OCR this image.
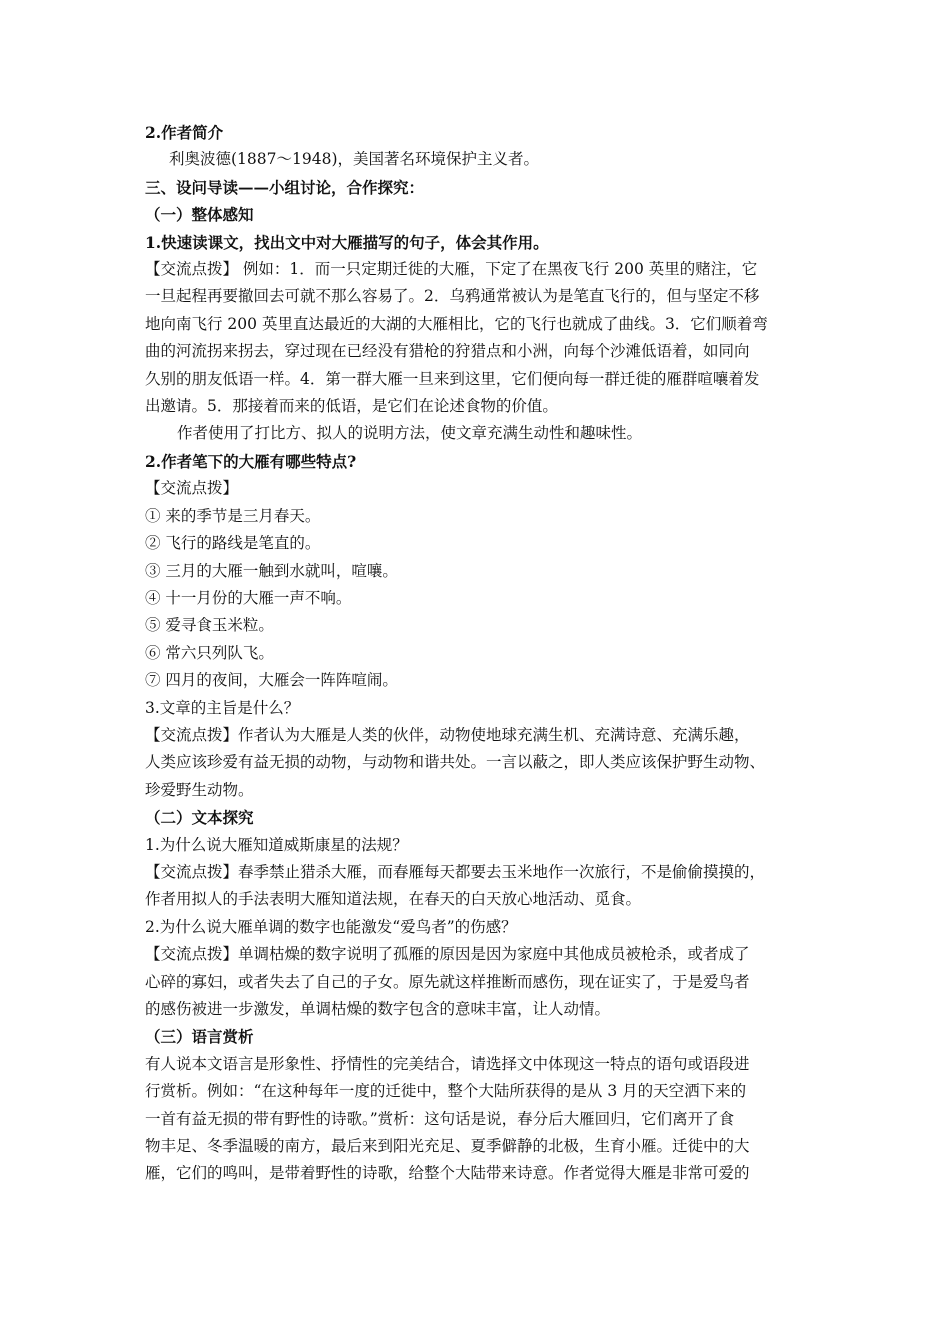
2.作者简介
利奥波德(1887～1948)，美国著名环境保护主义者。
三、设问导读——小组讨论，合作探究：
（一）整体感知
1.快速读课文，找出文中对大雁描写的句子，体会其作用。
【交流点拨】 例如：1．而一只定期迁徙的大雁，下定了在黑夜飞行 200 英里的赌注，它
一旦起程再要撤回去可就不那么容易了。2．乌鸦通常被认为是笔直飞行的，但与坚定不移
地向南飞行 200 英里直达最近的大湖的大雁相比，它的飞行也就成了曲线。3．它们顺着弯
曲的河流拐来拐去，穿过现在已经没有猎枪的狩猎点和小洲，向每个沙滩低语着，如同向
久别的朋友低语一样。4．第一群大雁一旦来到这里，它们便向每一群迁徙的雁群喧嚷着发
出邀请。5．那接着而来的低语，是它们在论述食物的价值。
作者使用了打比方、拟人的说明方法，使文章充满生动性和趣味性。
2.作者笔下的大雁有哪些特点?
【交流点拨】
① 来的季节是三月春天。
② 飞行的路线是笔直的。
③ 三月的大雁一触到水就叫，喧嚷。
④ 十一月份的大雁一声不响。
⑤ 爱寻食玉米粒。
⑥ 常六只列队飞。
⑦ 四月的夜间，大雁会一阵阵喧闹。
3.文章的主旨是什么？
【交流点拨】作者认为大雁是人类的伙伴，动物使地球充满生机、充满诗意、充满乐趣，
人类应该珍爱有益无损的动物，与动物和谐共处。一言以蔽之，即人类应该保护野生动物、
珍爱野生动物。
（二）文本探究
1.为什么说大雁知道威斯康星的法规？
【交流点拨】春季禁止猎杀大雁，而春雁每天都要去玉米地作一次旅行，不是偷偷摸摸的，
作者用拟人的手法表明大雁知道法规，在春天的白天放心地活动、觅食。
2.为什么说大雁单调的数字也能激发“爱鸟者”的伤感？
【交流点拨】单调枯燥的数字说明了孤雁的原因是因为家庭中其他成员被枪杀，或者成了
心碎的寡妇，或者失去了自己的子女。原先就这样推断而感伤，现在证实了，于是爱鸟者
的感伤被进一步激发，单调枯燥的数字包含的意味丰富，让人动情。
（三）语言赏析
有人说本文语言是形象性、抒情性的完美结合，请选择文中体现这一特点的语句或语段进
行赏析。例如：“在这种每年一度的迁徙中，整个大陆所获得的是从 3 月的天空洒下来的
一首有益无损的带有野性的诗歌。”赏析：这句话是说，春分后大雁回归，它们离开了食
物丰足、冬季温暖的南方，最后来到阳光充足、夏季僻静的北极，生育小雁。迁徙中的大
雁，它们的鸣叫，是带着野性的诗歌，给整个大陆带来诗意。作者觉得大雁是非常可爱的
